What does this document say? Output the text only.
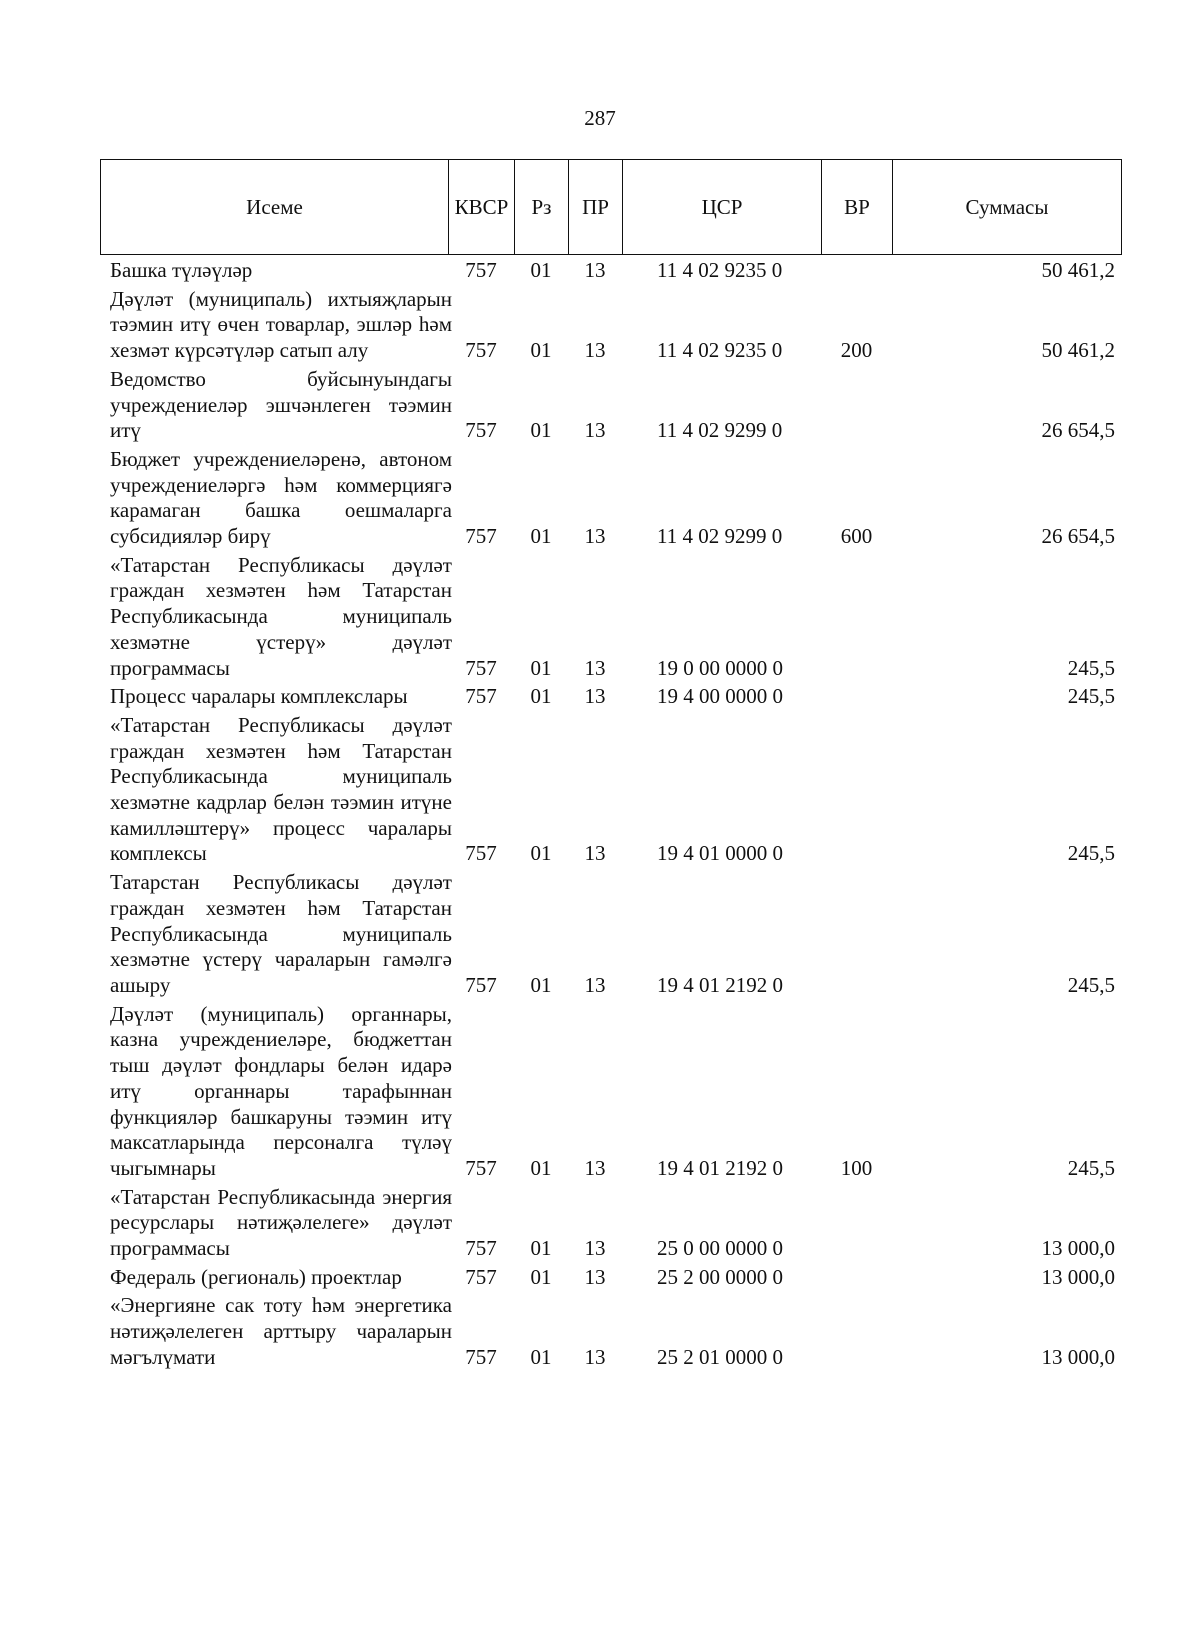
287
Исеме	КВСР	Рз	ПР	ЦСР	ВР	Суммасы
Башка түләүләр	757	01	13	11 4 02 9235 0		50 461,2

Дәүләт (муниципаль) ихтыяҗларын тәэмин итү өчен товарлар, эшләр һәм хезмәт күрсәтүләр сатып алу	757	01	13	11 4 02 9235 0	200	50 461,2

Ведомство буйсынуындагы учреждениеләр эшчәнлеген тәэмин итү	757	01	13	11 4 02 9299 0		26 654,5

Бюджет учреждениеләренә, автоном учреждениеләргә һәм коммерциягә карамаган башка оешмаларга субсидияләр бирү	757	01	13	11 4 02 9299 0	600	26 654,5

«Татарстан Республикасы дәүләт граждан хезмәтен һәм Татарстан Республикасында муниципаль хезмәтне үстерү» дәүләт программасы	757	01	13	19 0 00 0000 0		245,5

Процесс чаралары комплекслары	757	01	13	19 4 00 0000 0		245,5

«Татарстан Республикасы дәүләт граждан хезмәтен һәм Татарстан Республикасында муниципаль хезмәтне кадрлар белән тәэмин итүне камилләштерү» процесс чаралары комплексы	757	01	13	19 4 01 0000 0		245,5

Татарстан Республикасы дәүләт граждан хезмәтен һәм Татарстан Республикасында муниципаль хезмәтне үстерү чараларын гамәлгә ашыру	757	01	13	19 4 01 2192 0		245,5

Дәүләт (муниципаль) органнары, казна учреждениеләре, бюджеттан тыш дәүләт фондлары белән идарә итү органнары тарафыннан функцияләр башкаруны тәэмин итү максатларында персоналга түләү чыгымнары	757	01	13	19 4 01 2192 0	100	245,5

«Татарстан Республикасында энергия ресурслары нәтиҗәлелеге» дәүләт программасы	757	01	13	25 0 00 0000 0		13 000,0

Федераль (региональ) проектлар	757	01	13	25 2 00 0000 0		13 000,0

«Энергияне сак тоту һәм энергетика нәтиҗәлелеген арттыру чараларын мәгълүмати	757	01	13	25 2 01 0000 0		13 000,0
